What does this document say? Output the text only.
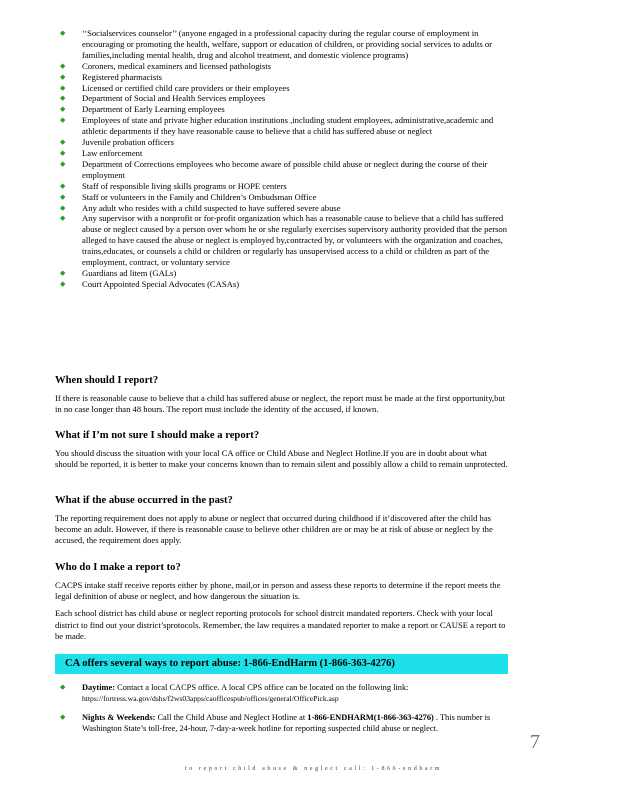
◆ ‘‘Socialservices counselor’’ (anyone engaged in a professional capacity during the regular course of employment in encouraging or promoting the health, welfare, support or education of children, or providing social services to adults or families,including mental health, drug and alcohol treatment, and domestic violence programs)
◆ Coroners, medical examiners and licensed pathologists
◆ Registered pharmacists
◆ Licensed or certified child care providers or their employees
◆ Department of Social and Health Services employees
◆ Department of Early Learning employees
◆ Employees of state and private higher education institutions ,including student employees, administrative,academic and athletic departments if they have reasonable cause to believe that a child has suffered abuse or neglect
◆ Juvenile probation officers
◆ Law enforcement
◆ Department of Corrections employees who become aware of possible child abuse or neglect during the course of their employment
◆ Staff of responsible living skills programs or HOPE centers
◆ Staff or volunteers in the Family and Children’s Ombudsman Office
◆ Any adult who resides with a child suspected to have suffered severe abuse
◆ Any supervisor with a nonprofit or for-profit organization which has a reasonable cause to believe that a child has suffered abuse or neglect caused by a person over whom he or she regularly exercises supervisory authority provided that the person alleged to have caused the abuse or neglect is employed by,contracted by, or volunteers with the organization and coaches, trains,educates, or counsels a child or children or regularly has unsupervised access to a child or children as part of the employment, contract, or voluntary service
◆ Guardians ad litem (GALs)
◆ Court Appointed Special Advocates (CASAs)
When should I report?

If there is reasonable cause to believe that a child has suffered abuse or neglect, the report must be made at the first opportunity,but in no case longer than 48 hours. The report must include the identity of the accused, if known.

What if I’m not sure I should make a report?

You should discuss the situation with your local CA office or Child Abuse and Neglect Hotline.If you are in doubt about what should be reported, it is better to make your concerns known than to remain silent and possibly allow a child to remain unprotected.

What if the abuse occurred in the past?

The reporting requirement does not apply to abuse or neglect that occurred during childhood if it’discovered after the child has become an adult. However, if there is reasonable cause to believe other children are or may be at risk of abuse or neglect by the accused, the requirement does apply.

Who do I make a report to?

CACPS intake staff receive reports either by phone, mail,or in person and assess these reports to determine if the report meets the legal definition of abuse or neglect, and how dangerous the situation is.

Each school district has child abuse or neglect reporting protocols for school distrcit mandated reporters. Check with your local district to find out your district’sprotocols. Remember, the law requires a mandated reporter to make a report or CAUSE a report to be made.

CA offers several ways to report abuse: 1-866-EndHarm (1-866-363-4276)
◆ Daytime: Contact a local CACPS office. A local CPS office can be located on the following link:
https://fortress.wa.gov/dshs/f2ws03apps/caofficespub/offices/general/OfficePick.asp
◆ Nights & Weekends: Call the Child Abuse and Neglect Hotline at 1-866-ENDHARM(1-866-363-4276) . This number is Washington State’s toll-free, 24-hour, 7-day-a-week hotline for reporting suspected child abuse or neglect.
7
to report child abuse & neglect call: 1-866-endharm
